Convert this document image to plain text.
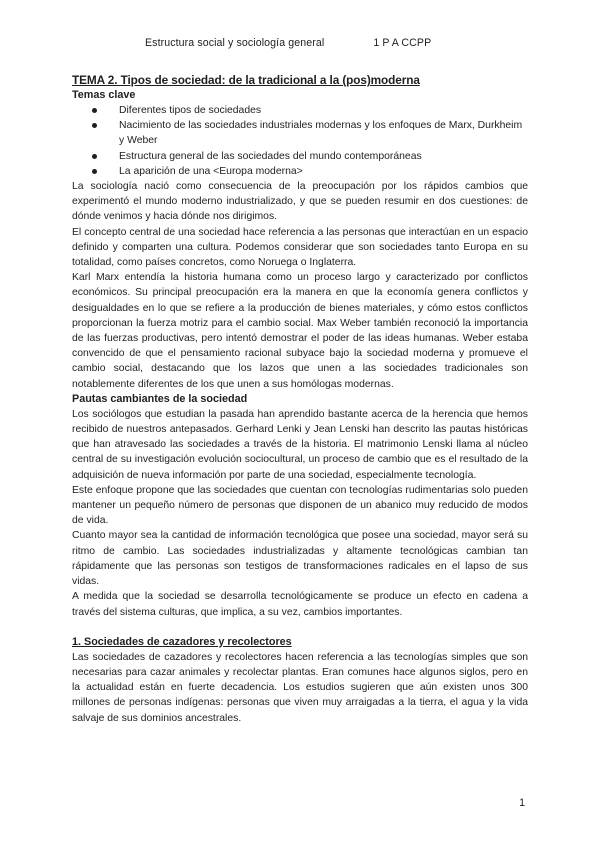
Estructura social y sociología general	1 P A CCPP
TEMA 2. Tipos de sociedad: de la tradicional a la (pos)moderna
Temas clave
Diferentes tipos de sociedades
Nacimiento de las sociedades industriales modernas y los enfoques de Marx, Durkheim y Weber
Estructura general de las sociedades del mundo contemporáneas
La aparición de una <Europa moderna>

La sociología nació como consecuencia de la preocupación por los rápidos cambios que experimentó el mundo moderno industrializado, y que se pueden resumir en dos cuestiones: de dónde venimos y hacia dónde nos dirigimos.

El concepto central de una sociedad hace referencia a las personas que interactúan en un espacio definido y comparten una cultura. Podemos considerar que son sociedades tanto Europa en su totalidad, como países concretos, como Noruega o Inglaterra.

Karl Marx entendía la historia humana como un proceso largo y caracterizado por conflictos económicos. Su principal preocupación era la manera en que la economía genera conflictos y desigualdades en lo que se refiere a la producción de bienes materiales, y cómo estos conflictos proporcionan la fuerza motriz para el cambio social. Max Weber también reconoció la importancia de las fuerzas productivas, pero intentó demostrar el poder de las ideas humanas. Weber estaba convencido de que el pensamiento racional subyace bajo la sociedad moderna y promueve el cambio social, destacando que los lazos que unen a las sociedades tradicionales son notablemente diferentes de los que unen a sus homólogas modernas.

Pautas cambiantes de la sociedad

Los sociólogos que estudian la pasada han aprendido bastante acerca de la herencia que hemos recibido de nuestros antepasados. Gerhard Lenki y Jean Lenski han descrito las pautas históricas que han atravesado las sociedades a través de la historia. El matrimonio Lenski llama al núcleo central de su investigación evolución sociocultural, un proceso de cambio que es el resultado de la adquisición de nueva información por parte de una sociedad, especialmente tecnología.

Este enfoque propone que las sociedades que cuentan con tecnologías rudimentarias solo pueden mantener un pequeño número de personas que disponen de un abanico muy reducido de modos de vida.

Cuanto mayor sea la cantidad de información tecnológica que posee una sociedad, mayor será su ritmo de cambio. Las sociedades industrializadas y altamente tecnológicas cambian tan rápidamente que las personas son testigos de transformaciones radicales en el lapso de sus vidas.

A medida que la sociedad se desarrolla tecnológicamente se produce un efecto en cadena a través del sistema culturas, que implica, a su vez, cambios importantes.

1. Sociedades de cazadores y recolectores

Las sociedades de cazadores y recolectores hacen referencia a las tecnologías simples que son necesarias para cazar animales y recolectar plantas. Eran comunes hace algunos siglos, pero en la actualidad están en fuerte decadencia. Los estudios sugieren que aún existen unos 300 millones de personas indígenas: personas que viven muy arraigadas a la tierra, el agua y la vida salvaje de sus dominios ancestrales.

1
